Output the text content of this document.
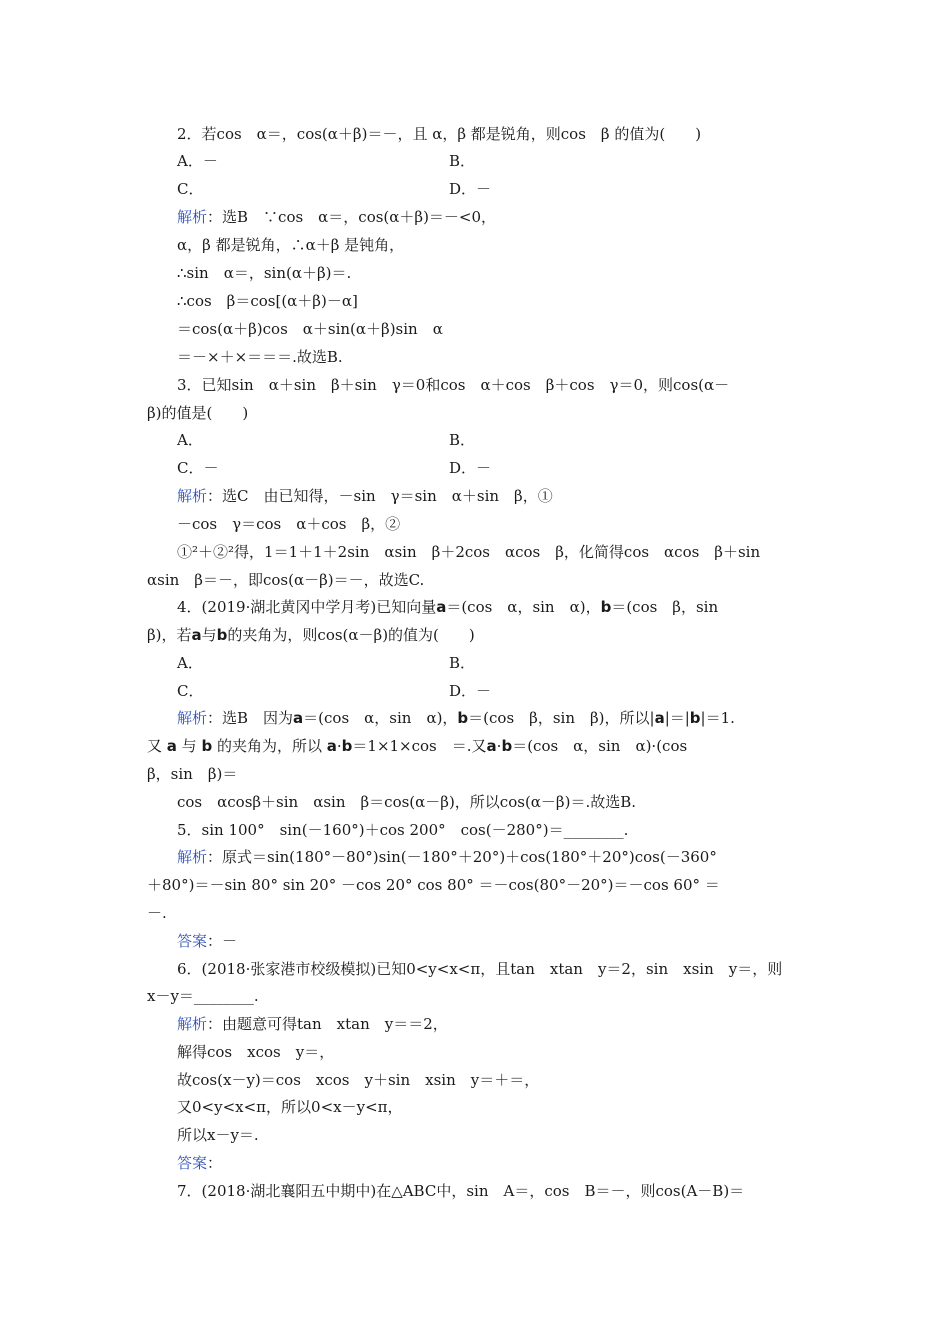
2．若cos　α＝，cos(α＋β)＝－，且 α，β 都是锐角，则cos　β 的值为(　　)
A．－	B．
C．	D．－
解析：选B　∵cos　α＝，cos(α＋β)＝－<0，
α，β 都是锐角，∴α＋β 是钝角，
∴sin　α＝，sin(α＋β)＝.
∴cos　β＝cos[(α＋β)－α]
＝cos(α＋β)cos　α＋sin(α＋β)sin　α
＝－×＋×＝＝＝.故选B.
3．已知sin　α＋sin　β＋sin　γ＝0和cos　α＋cos　β＋cos　γ＝0，则cos(α－
β)的值是(　　)
A．	B．
C．－	D．－
解析：选C　由已知得，－sin　γ＝sin　α＋sin　β，①
－cos　γ＝cos　α＋cos　β，②
①²＋②²得，1＝1＋1＋2sin　αsin　β＋2cos　αcos　β，化简得cos　αcos　β＋sin
αsin　β＝－，即cos(α－β)＝－，故选C.
4．(2019·湖北黄冈中学月考)已知向量a＝(cos　α，sin　α)，b＝(cos　β，sin
β)，若a与b的夹角为，则cos(α－β)的值为(　　)
A．	B．
C．	D．－
解析：选B　因为a＝(cos　α，sin　α)，b＝(cos　β，sin　β)，所以|a|＝|b|＝1.
又 a 与 b 的夹角为，所以 a·b＝1×1×cos　＝.又a·b＝(cos　α，sin　α)·(cos
β，sin　β)＝
cos　αcosβ＋sin　αsin　β＝cos(α－β)，所以cos(α－β)＝.故选B.
5．sin 100°　sin(－160°)＋cos 200°　cos(－280°)＝________.
解析：原式＝sin(180°－80°)sin(－180°＋20°)＋cos(180°＋20°)cos(－360°
＋80°)＝－sin 80° sin 20° －cos 20° cos 80° ＝－cos(80°－20°)＝－cos 60° ＝
－.
答案：－
6．(2018·张家港市校级模拟)已知0<y<x<π，且tan　xtan　y＝2，sin　xsin　y＝，则
x－y＝________.
解析：由题意可得tan　xtan　y＝＝2，
解得cos　xcos　y＝，
故cos(x－y)＝cos　xcos　y＋sin　xsin　y＝＋＝，
又0<y<x<π，所以0<x－y<π，
所以x－y＝.
答案：
7．(2018·湖北襄阳五中期中)在△ABC中，sin　A＝，cos　B＝－，则cos(A－B)＝
